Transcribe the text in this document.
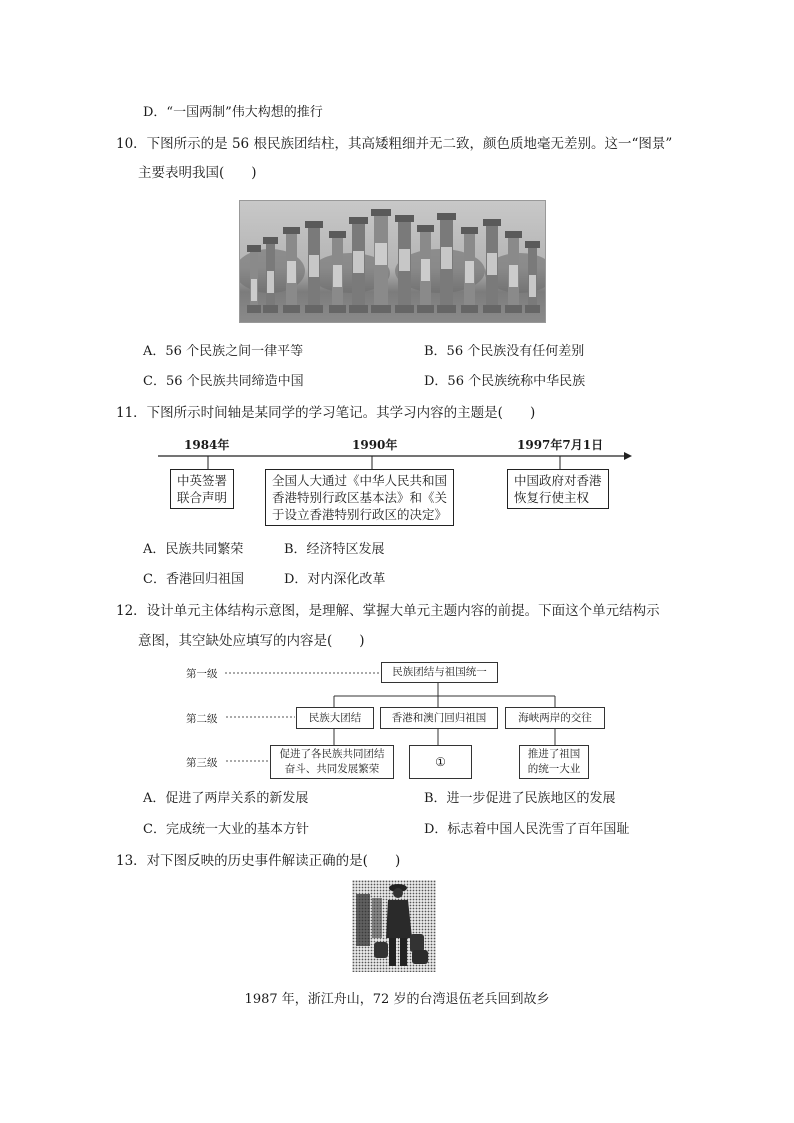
D．“一国两制”伟大构想的推行
10．下图所示的是 56 根民族团结柱，其高矮粗细并无二致，颜色质地毫无差别。这一“图景”
主要表明我国(　　)
A．56 个民族之间一律平等	B．56 个民族没有任何差别
C．56 个民族共同缔造中国	D．56 个民族统称中华民族
11．下图所示时间轴是某同学的学习笔记。其学习内容的主题是(　　)
1984年	1990年	1997年7月1日
中英签署
联合声明
全国人大通过《中华人民共和国
香港特别行政区基本法》和《关
于设立香港特别行政区的决定》
中国政府对香港
恢复行使主权
A．民族共同繁荣	B．经济特区发展
C．香港回归祖国	D．对内深化改革
12．设计单元主体结构示意图，是理解、掌握大单元主题内容的前提。下面这个单元结构示
意图，其空缺处应填写的内容是(　　)
第一级
第二级
第三级
民族团结与祖国统一
民族大团结	香港和澳门回归祖国	海峡两岸的交往
促进了各民族共同团结
奋斗、共同发展繁荣	①
推进了祖国
的统一大业
A．促进了两岸关系的新发展	B．进一步促进了民族地区的发展
C．完成统一大业的基本方针	D．标志着中国人民洗雪了百年国耻
13．对下图反映的历史事件解读正确的是(　　)
1987 年，浙江舟山，72 岁的台湾退伍老兵回到故乡
